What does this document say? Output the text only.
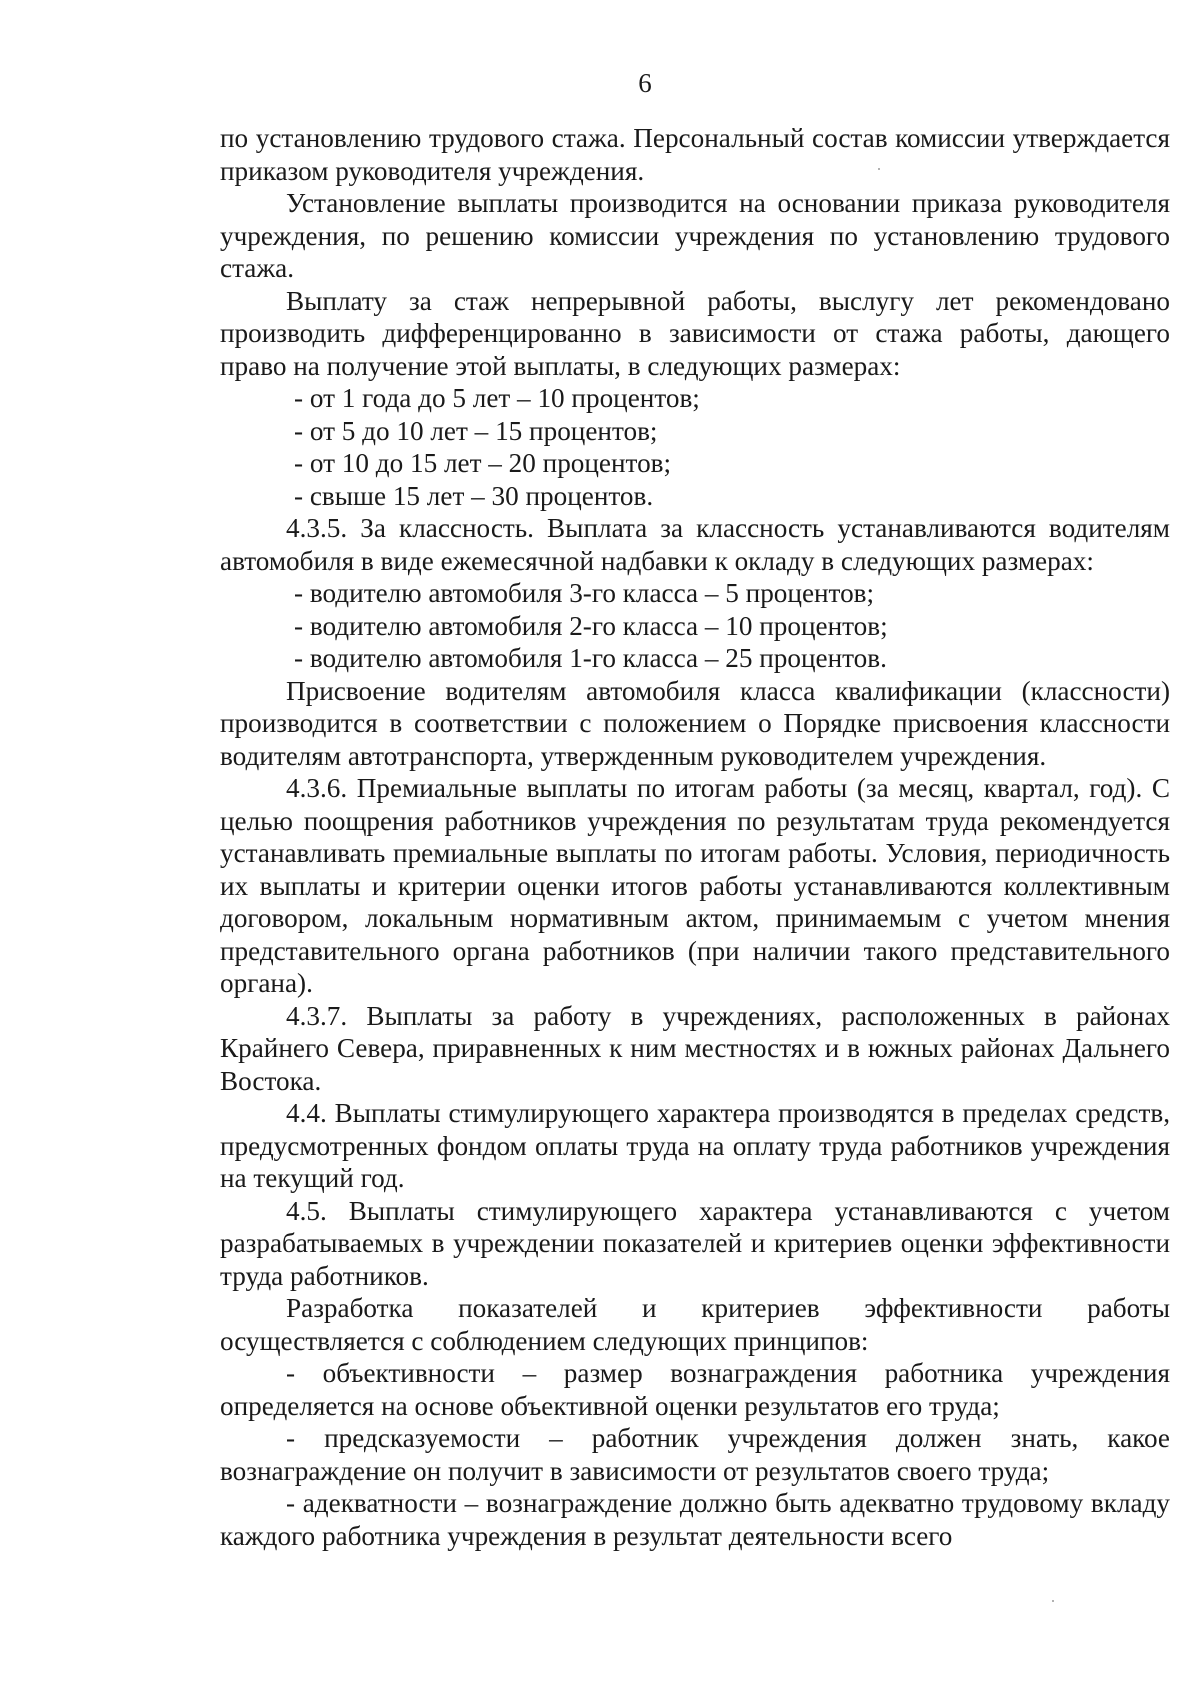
6

по установлению трудового стажа. Персональный состав комиссии утверждается приказом руководителя учреждения.

Установление выплаты производится на основании приказа руководителя учреждения, по решению комиссии учреждения по установлению трудового стажа.

Выплату за стаж непрерывной работы, выслугу лет рекомендовано производить дифференцированно в зависимости от стажа работы, дающего право на получение этой выплаты, в следующих размерах:

- от 1 года до 5 лет – 10 процентов;
- от 5 до 10 лет – 15 процентов;
- от 10 до 15 лет – 20 процентов;
- свыше 15 лет – 30 процентов.

4.3.5. За классность. Выплата за классность устанавливаются водителям автомобиля в виде ежемесячной надбавки к окладу в следующих размерах:

- водителю автомобиля 3-го класса – 5 процентов;
- водителю автомобиля 2-го класса – 10 процентов;
- водителю автомобиля 1-го класса – 25 процентов.

Присвоение водителям автомобиля класса квалификации (классности) производится в соответствии с положением о Порядке присвоения классности водителям автотранспорта, утвержденным руководителем учреждения.

4.3.6. Премиальные выплаты по итогам работы (за месяц, квартал, год). С целью поощрения работников учреждения по результатам труда рекомендуется устанавливать премиальные выплаты по итогам работы. Условия, периодичность их выплаты и критерии оценки итогов работы устанавливаются коллективным договором, локальным нормативным актом, принимаемым с учетом мнения представительного органа работников (при наличии такого представительного органа).

4.3.7. Выплаты за работу в учреждениях, расположенных в районах Крайнего Севера, приравненных к ним местностях и в южных районах Дальнего Востока.

4.4. Выплаты стимулирующего характера производятся в пределах средств, предусмотренных фондом оплаты труда на оплату труда работников учреждения на текущий год.

4.5. Выплаты стимулирующего характера устанавливаются с учетом разрабатываемых в учреждении показателей и критериев оценки эффективности труда работников.

Разработка показателей и критериев эффективности работы осуществляется с соблюдением следующих принципов:

- объективности – размер вознаграждения работника учреждения определяется на основе объективной оценки результатов его труда;

- предсказуемости – работник учреждения должен знать, какое вознаграждение он получит в зависимости от результатов своего труда;

- адекватности – вознаграждение должно быть адекватно трудовому вкладу каждого работника учреждения в результат деятельности всего
